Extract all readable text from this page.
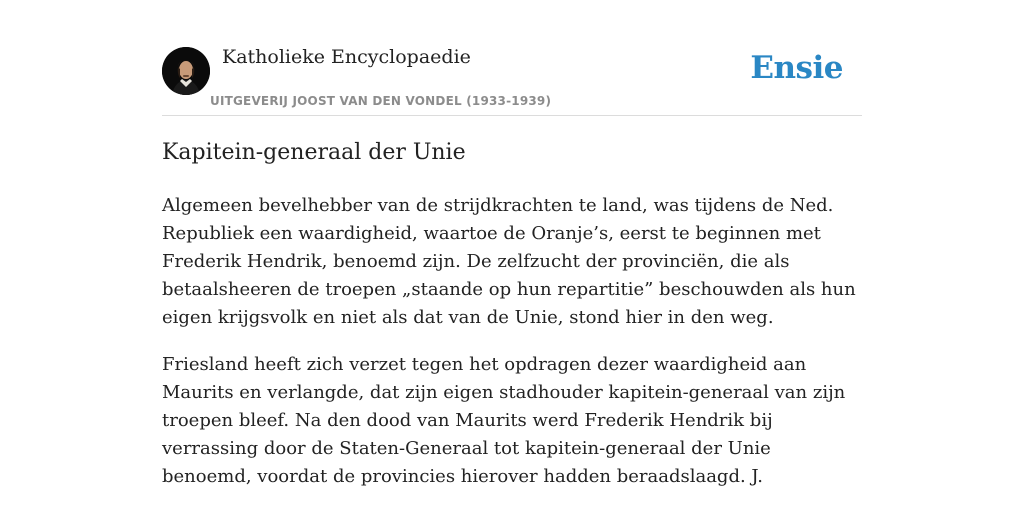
Katholieke Encyclopaedie
UITGEVERIJ JOOST VAN DEN VONDEL (1933-1939)
Ensie
Kapitein-generaal der Unie

Algemeen bevelhebber van de strijdkrachten te land, was tijdens de Ned. Republiek een waardigheid, waartoe de Oranje’s, eerst te beginnen met Frederik Hendrik, benoemd zijn. De zelfzucht der provinciën, die als betaalsheeren de troepen „staande op hun repartitie” beschouwden als hun eigen krijgsvolk en niet als dat van de Unie, stond hier in den weg.

Friesland heeft zich verzet tegen het opdragen dezer waardigheid aan Maurits en verlangde, dat zijn eigen stadhouder kapitein-generaal van zijn troepen bleef. Na den dood van Maurits werd Frederik Hendrik bij verrassing door de Staten-Generaal tot kapitein-generaal der Unie benoemd, voordat de provincies hierover hadden beraadslaagd. J.
